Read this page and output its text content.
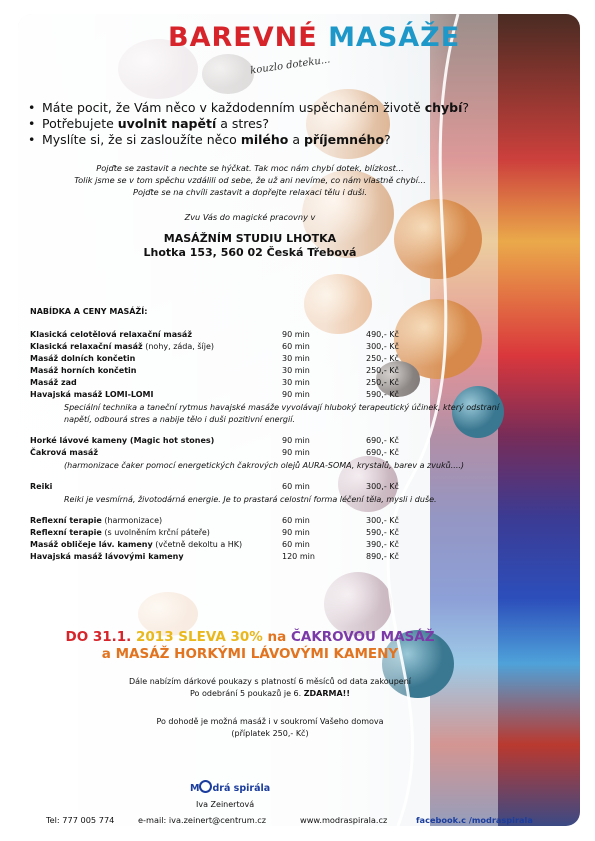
BAREVNÉ MASÁŽE
kouzlo doteku...
• Máte pocit, že Vám něco v každodenním uspěchaném životě chybí?
• Potřebujete uvolnit napětí a stres?
• Myslíte si, že si zasloužíte něco milého a příjemného?
Pojďte se zastavit a nechte se hýčkat. Tak moc nám chybí dotek, blízkost...
Tolik jsme se v tom spěchu vzdálili od sebe, že už ani nevíme, co nám vlastně chybí...
Pojďte se na chvíli zastavit a dopřejte relaxaci tělu i duši.
Zvu Vás do magické pracovny v
MASÁŽNÍM STUDIU LHOTKA
Lhotka 153, 560 02 Česká Třebová
NABÍDKA A CENY MASÁŽÍ:
Klasická celotělová relaxační masáž	90 min	490,- Kč
Klasická relaxační masáž (nohy, záda, šíje)	60 min	300,- Kč
Masáž dolních končetin	30 min	250,- Kč
Masáž horních končetin	30 min	250,- Kč
Masáž zad	30 min	250,- Kč
Havajská masáž LOMI-LOMI	90 min	590,- Kč
Speciální technika a taneční rytmus havajské masáže vyvolávají hluboký terapeutický účinek, který odstraní napětí, odbourá stres a nabije tělo i duši pozitivní energií.
Horké lávové kameny (Magic hot stones)	90 min	690,- Kč
Čakrová masáž	90 min	690,- Kč
(harmonizace čaker pomocí energetických čakrových olejů AURA-SOMA, krystalů, barev a zvuků....)
Reiki	60 min	300,- Kč
Reiki je vesmírná, životodárná energie. Je to prastará celostní forma léčení těla, mysli i duše.
Reflexní terapie (harmonizace)	60 min	300,- Kč
Reflexní terapie (s uvolněním krční páteře)	90 min	590,- Kč
Masáž obličeje láv. kameny (včetně dekoltu a HK)	60 min	390,- Kč
Havajská masáž lávovými kameny	120 min	890,- Kč
DO 31.1. 2013 SLEVA 30% na ČAKROVOU MASÁŽ
a MASÁŽ HORKÝMI LÁVOVÝMI KAMENY
Dále nabízím dárkové poukazy s platností 6 měsíců od data zakoupení
Po odebrání 5 poukazů je 6. ZDARMA!!
Po dohodě je možná masáž i v soukromí Vašeho domova
(příplatek 250,- Kč)
M drá spirála
Iva Zeinertová
Tel: 777 005 774	e-mail: iva.zeinert@centrum.cz	www.modraspirala.cz	facebook.c /modraspirala
